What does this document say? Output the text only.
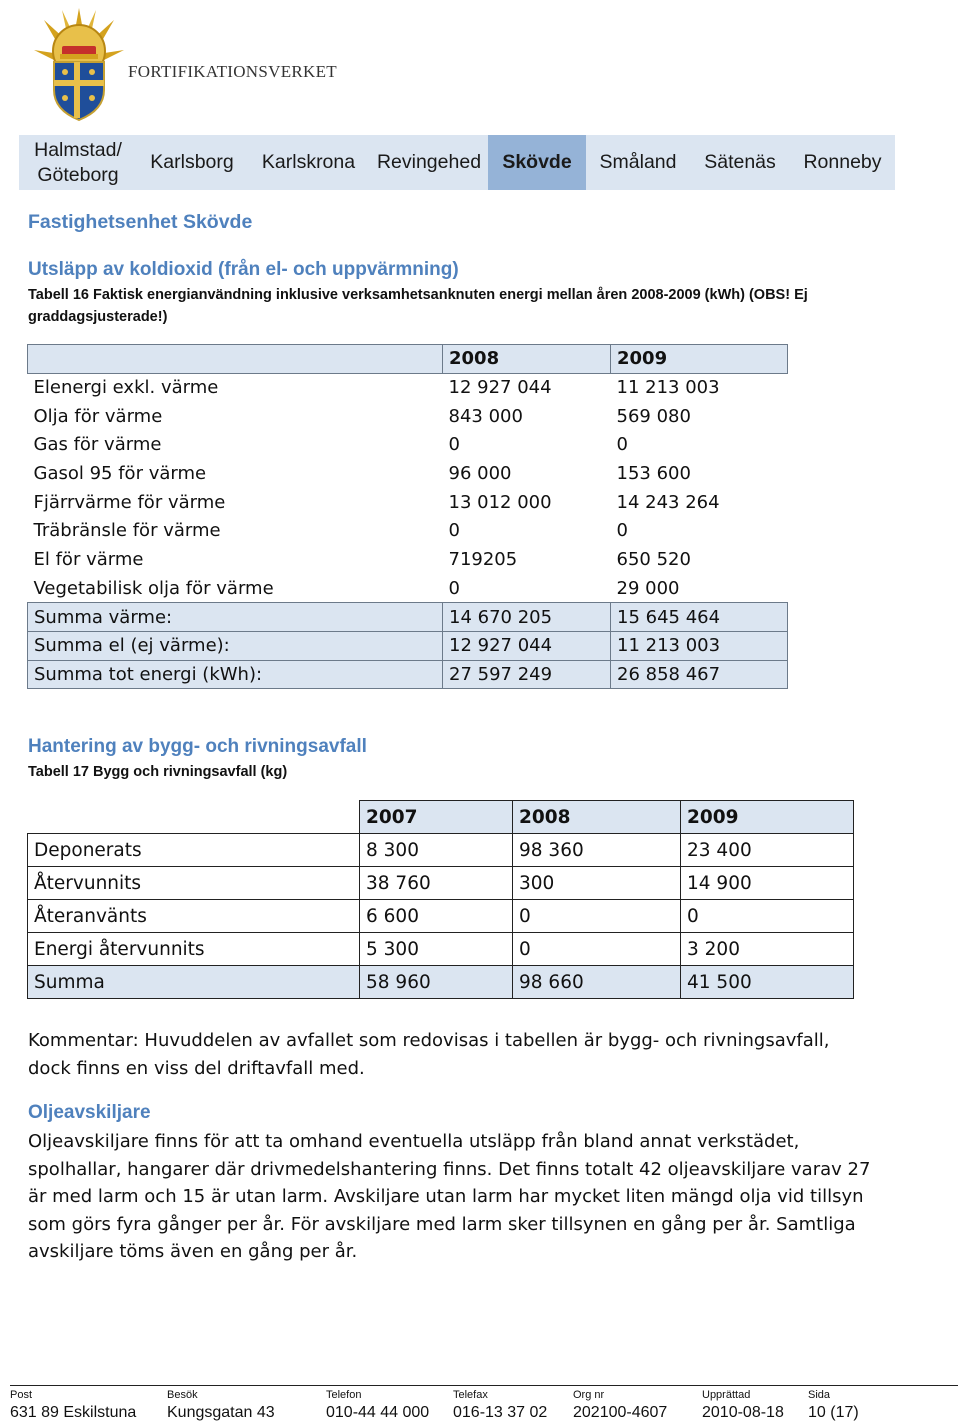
FORTIFIKATIONSVERKET
Halmstad/
Göteborg
Karlsborg	Karlskrona	Revingehed	Skövde	Småland	Sätenäs	Ronneby
Fastighetsenhet Skövde
Utsläpp av koldioxid (från el- och uppvärmning)
Tabell 16 Faktisk energianvändning inklusive verksamhetsanknuten energi mellan åren 2008-2009 (kWh) (OBS! Ej graddagsjusterade!)
	2008	2009
Elenergi exkl. värme	12 927 044	11 213 003
Olja för värme	843 000	569 080
Gas för värme	0	0
Gasol 95 för värme	96 000	153 600
Fjärrvärme för värme	13 012 000	14 243 264
Träbränsle för värme	0	0
El för värme	719205	650 520
Vegetabilisk olja för värme	0	29 000
Summa värme:	14 670 205	15 645 464
Summa el (ej värme):	12 927 044	11 213 003
Summa tot energi (kWh):	27 597 249	26 858 467
Hantering av bygg- och rivningsavfall
Tabell 17 Bygg och rivningsavfall (kg)
	2007	2008	2009
Deponerats	8 300	98 360	23 400
Återvunnits	38 760	300	14 900
Återanvänts	6 600	0	0
Energi återvunnits	5 300	0	3 200
Summa	58 960	98 660	41 500
Kommentar: Huvuddelen av avfallet som redovisas i tabellen är bygg- och rivningsavfall, dock finns en viss del driftavfall med.
Oljeavskiljare
Oljeavskiljare finns för att ta omhand eventuella utsläpp från bland annat verkstädet, spolhallar, hangarer där drivmedelshantering finns. Det finns totalt 42 oljeavskiljare varav 27 är med larm och 15 är utan larm. Avskiljare utan larm har mycket liten mängd olja vid tillsyn som görs fyra gånger per år. För avskiljare med larm sker tillsynen en gång per år. Samtliga avskiljare töms även en gång per år.
Post
631 89 Eskilstuna
Besök
Kungsgatan 43
Telefon
010-44 44 000
Telefax
016-13 37 02
Org nr
202100-4607
Upprättad
2010-08-18
Sida
10 (17)
